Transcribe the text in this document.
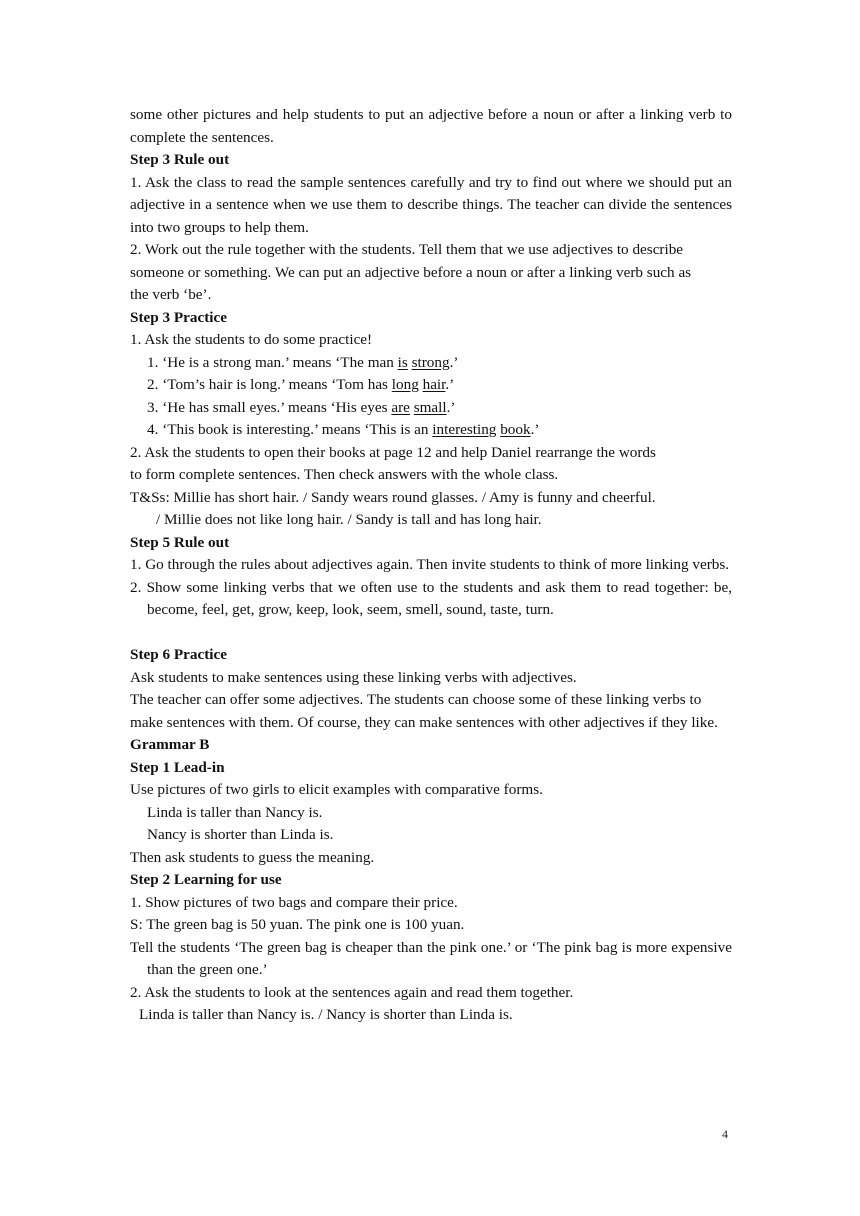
some other pictures and help students to put an adjective before a noun or after a linking verb to complete the sentences.

Step 3 Rule out

1. Ask the class to read the sample sentences carefully and try to find out where we should put an adjective in a sentence when we use them to describe things. The teacher can divide the sentences into two groups to help them.

2. Work out the rule together with the students. Tell them that we use adjectives to describe someone or something. We can put an adjective before a noun or after a linking verb such as the verb ‘be’.

Step 3 Practice

1. Ask the students to do some practice!

1. ‘He is a strong man.’ means ‘The man is strong.’

2. ‘Tom’s hair is long.’ means ‘Tom has long hair.’

3. ‘He has small eyes.’ means ‘His eyes are small.’

4. ‘This book is interesting.’ means ‘This is an interesting book.’

2. Ask the students to open their books at page 12 and help Daniel rearrange the words

to form complete sentences. Then check answers with the whole class.

T&Ss: Millie has short hair. / Sandy wears round glasses. / Amy is funny and cheerful.

/ Millie does not like long hair. / Sandy is tall and has long hair.

Step 5 Rule out

1. Go through the rules about adjectives again. Then invite students to think of more linking verbs.

2. Show some linking verbs that we often use to the students and ask them to read together: be, become, feel, get, grow, keep, look, seem, smell, sound, taste, turn.

Step 6 Practice

Ask students to make sentences using these linking verbs with adjectives.

The teacher can offer some adjectives. The students can choose some of these linking verbs to make sentences with them. Of course, they can make sentences with other adjectives if they like.

Grammar B

Step 1 Lead-in

Use pictures of two girls to elicit examples with comparative forms.

Linda is taller than Nancy is.

Nancy is shorter than Linda is.

Then ask students to guess the meaning.

Step 2 Learning for use

1. Show pictures of two bags and compare their price.

S: The green bag is 50 yuan. The pink one is 100 yuan.

Tell the students ‘The green bag is cheaper than the pink one.’ or ‘The pink bag is more expensive than the green one.’

2. Ask the students to look at the sentences again and read them together.

Linda is taller than Nancy is. / Nancy is shorter than Linda is.

4
